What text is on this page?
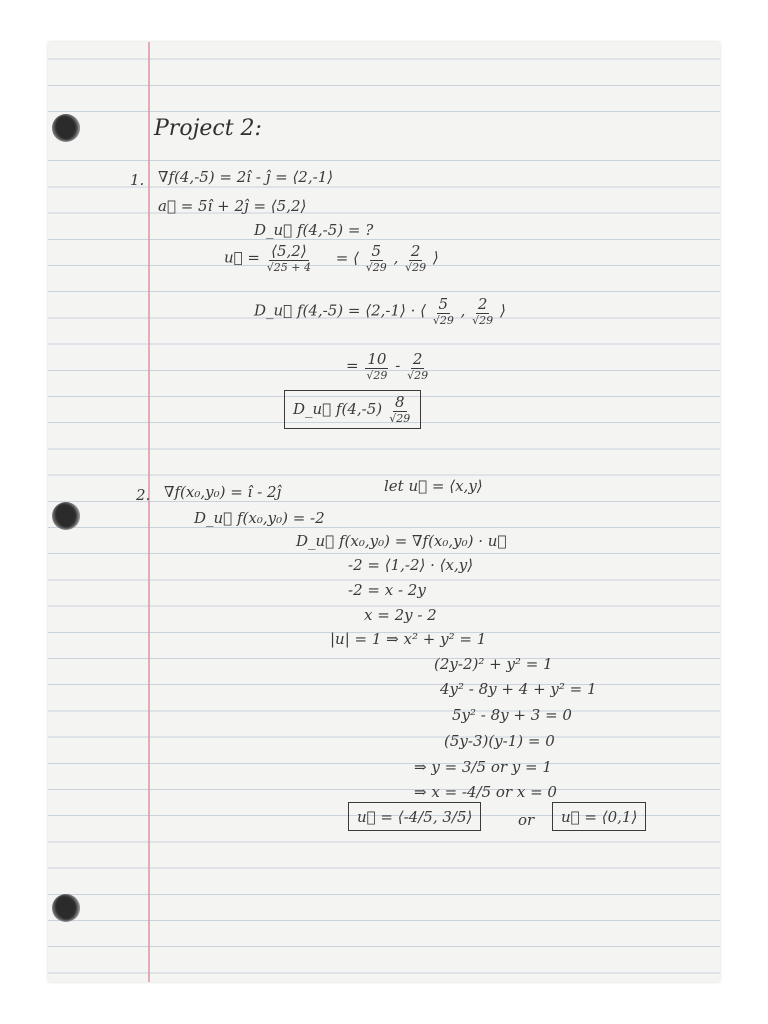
Project 2:
1. ∇f(4,-5) = 2î - ĵ = ⟨2,-1⟩
a⃗ = 5î + 2ĵ = ⟨5,2⟩
D_u⃗ f(4,-5) = ?
u⃗ = $\frac{⟨5,2⟩}{√25 + 4}$ = ⟨ $\frac{5}{√29}$ , $\frac{2}{√29}$ ⟩
D_u⃗ f(4,-5) = ⟨2,-1⟩ · ⟨ $\frac{5}{√29}$ , $\frac{2}{√29}$ ⟩
= $\frac{10}{√29} - \frac{2}{√29}$
D_u⃗ $f(4,-5) \frac{8}{√29}$
2. ∇f(x₀,y₀) = î - 2ĵ	let u⃗ = ⟨x,y⟩
D_u⃗ f(x₀,y₀) = -2
D_u⃗ f(x₀,y₀) = ∇f(x₀,y₀) · u⃗
-2 = ⟨1,-2⟩ · ⟨x,y⟩
-2 = x - 2y
x = 2y - 2
|u| = 1 ⇒ x² + y² = 1
(2y-2)² + y² = 1
4y² - 8y + 4 + y² = 1
5y² - 8y + 3 = 0
(5y-3)(y-1) = 0
⇒ y = 3/5 or y = 1
⇒ x = -4/5 or x = 0
u⃗ = ⟨-4/5, 3/5⟩	or	u⃗ = ⟨0,1⟩
